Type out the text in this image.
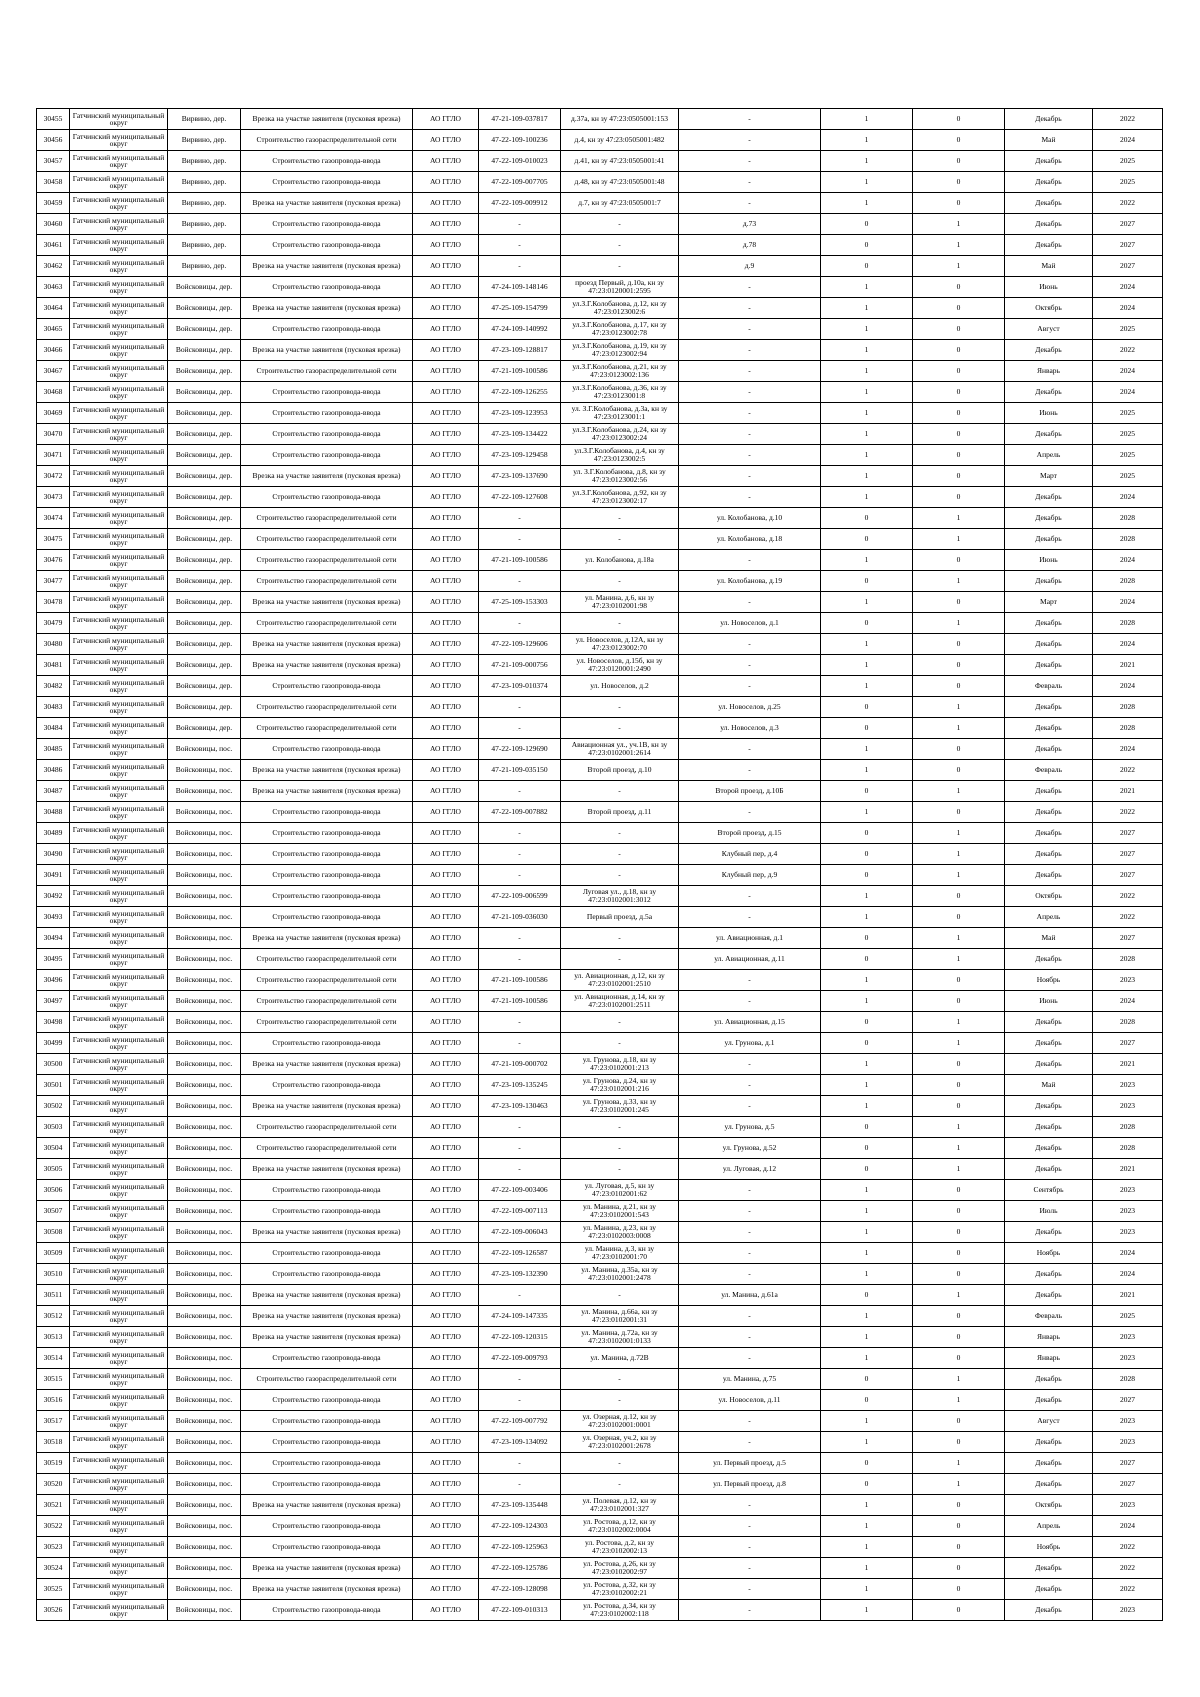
30455	Гатчинский муниципальный округ	Вирвино, дер.	Врезка на участке заявителя (пусковая врезка)	АО ГГЛО	47-21-109-037817	д.37а, кн зу 47:23:0505001:153	-	1	0	Декабрь	2022
30456	Гатчинский муниципальный округ	Вирвино, дер.	Строительство газораспределительной сети	АО ГГЛО	47-22-109-100236	д.4, кн зу 47:23:0505001:482	-	1	0	Май	2024
30457	Гатчинский муниципальный округ	Вирвино, дер.	Строительство газопровода-ввода	АО ГГЛО	47-22-109-010023	д.41, кн зу 47:23:0505001:41	-	1	0	Декабрь	2025
30458	Гатчинский муниципальный округ	Вирвино, дер.	Строительство газопровода-ввода	АО ГГЛО	47-22-109-007705	д.48, кн зу 47:23:0505001:48	-	1	0	Декабрь	2025
30459	Гатчинский муниципальный округ	Вирвино, дер.	Врезка на участке заявителя (пусковая врезка)	АО ГГЛО	47-22-109-009912	д.7, кн зу 47:23:0505001:7	-	1	0	Декабрь	2022
30460	Гатчинский муниципальный округ	Вирвино, дер.	Строительство газопровода-ввода	АО ГГЛО	-	-	д.73	0	1	Декабрь	2027
30461	Гатчинский муниципальный округ	Вирвино, дер.	Строительство газопровода-ввода	АО ГГЛО	-	-	д.78	0	1	Декабрь	2027
30462	Гатчинский муниципальный округ	Вирвино, дер.	Врезка на участке заявителя (пусковая врезка)	АО ГГЛО	-	-	д.9	0	1	Май	2027
30463	Гатчинский муниципальный округ	Войсковицы, дер.	Строительство газопровода-ввода	АО ГГЛО	47-24-109-148146	проезд Первый, д.10а, кн зу 47:23:0120001:2595	-	1	0	Июнь	2024
30464	Гатчинский муниципальный округ	Войсковицы, дер.	Врезка на участке заявителя (пусковая врезка)	АО ГГЛО	47-25-109-154799	ул.З.Г.Колобановa, д.12, кн зу 47:23:0123002:6	-	1	0	Октябрь	2024
30465	Гатчинский муниципальный округ	Войсковицы, дер.	Строительство газопровода-ввода	АО ГГЛО	47-24-109-140992	ул.З.Г.Колобановa, д.17, кн зу 47:23:0123002:78	-	1	0	Август	2025
30466	Гатчинский муниципальный округ	Войсковицы, дер.	Врезка на участке заявителя (пусковая врезка)	АО ГГЛО	47-23-109-128817	ул.З.Г.Колобановa, д.19, кн зу 47:23:0123002:94	-	1	0	Декабрь	2022
30467	Гатчинский муниципальный округ	Войсковицы, дер.	Строительство газораспределительной сети	АО ГГЛО	47-21-109-100586	ул.З.Г.Колобановa, д.21, кн зу 47:23:0123002:136	-	1	0	Январь	2024
30468	Гатчинский муниципальный округ	Войсковицы, дер.	Строительство газопровода-ввода	АО ГГЛО	47-22-109-126255	ул.З.Г.Колобановa, д.36, кн зу 47:23:0123001:8	-	1	0	Декабрь	2024
30469	Гатчинский муниципальный округ	Войсковицы, дер.	Строительство газопровода-ввода	АО ГГЛО	47-23-109-123953	ул. З.Г.Колобановa, д.3а, кн зу 47:23:0123001:1	-	1	0	Июнь	2025
30470	Гатчинский муниципальный округ	Войсковицы, дер.	Строительство газопровода-ввода	АО ГГЛО	47-23-109-134422	ул.З.Г.Колобановa, д.24, кн зу 47:23:0123002:24	-	1	0	Декабрь	2025
30471	Гатчинский муниципальный округ	Войсковицы, дер.	Строительство газопровода-ввода	АО ГГЛО	47-23-109-129458	ул.З.Г.Колобановa, д.4, кн зу 47:23:0123002:5	-	1	0	Апрель	2025
30472	Гатчинский муниципальный округ	Войсковицы, дер.	Врезка на участке заявителя (пусковая врезка)	АО ГГЛО	47-23-109-137690	ул. З.Г.Колобановa, д.8, кн зу 47:23:0123002:56	-	1	0	Март	2025
30473	Гатчинский муниципальный округ	Войсковицы, дер.	Строительство газопровода-ввода	АО ГГЛО	47-22-109-127608	ул.З.Г.Колобановa, д.92, кн зу 47:23:0123002:17	-	1	0	Декабрь	2024
30474	Гатчинский муниципальный округ	Войсковицы, дер.	Строительство газораспределительной сети	АО ГГЛО	-	-	ул. Колобанова, д.10	0	1	Декабрь	2028
30475	Гатчинский муниципальный округ	Войсковицы, дер.	Строительство газораспределительной сети	АО ГГЛО	-	-	ул. Колобанова, д.18	0	1	Декабрь	2028
30476	Гатчинский муниципальный округ	Войсковицы, дер.	Строительство газораспределительной сети	АО ГГЛО	47-21-109-100586	ул. Колобанова, д.18а	-	1	0	Июнь	2024
30477	Гатчинский муниципальный округ	Войсковицы, дер.	Строительство газораспределительной сети	АО ГГЛО	-	-	ул. Колобанова, д.19	0	1	Декабрь	2028
30478	Гатчинский муниципальный округ	Войсковицы, дер.	Врезка на участке заявителя (пусковая врезка)	АО ГГЛО	47-25-109-153303	ул. Манина, д.6, кн зу 47:23:0102001:98	-	1	0	Март	2024
30479	Гатчинский муниципальный округ	Войсковицы, дер.	Строительство газораспределительной сети	АО ГГЛО	-	-	ул. Новоселов, д.1	0	1	Декабрь	2028
30480	Гатчинский муниципальный округ	Войсковицы, дер.	Врезка на участке заявителя (пусковая врезка)	АО ГГЛО	47-22-109-129606	ул. Новоселов, д.12А, кн зу 47:23:0123002:70	-	1	0	Декабрь	2024
30481	Гатчинский муниципальный округ	Войсковицы, дер.	Врезка на участке заявителя (пусковая врезка)	АО ГГЛО	47-21-109-000756	ул. Новоселов, д.15б, кн зу 47:23:0120001:2490	-	1	0	Декабрь	2021
30482	Гатчинский муниципальный округ	Войсковицы, дер.	Строительство газопровода-ввода	АО ГГЛО	47-23-109-010374	ул. Новоселов, д.2	-	1	0	Февраль	2024
30483	Гатчинский муниципальный округ	Войсковицы, дер.	Строительство газораспределительной сети	АО ГГЛО	-	-	ул. Новоселов, д.25	0	1	Декабрь	2028
30484	Гатчинский муниципальный округ	Войсковицы, дер.	Строительство газораспределительной сети	АО ГГЛО	-	-	ул. Новоселов, д.3	0	1	Декабрь	2028
30485	Гатчинский муниципальный округ	Войсковицы, пос.	Строительство газопровода-ввода	АО ГГЛО	47-22-109-129690	Авиационная ул., уч.1В, кн зу 47:23:0102001:2614	-	1	0	Декабрь	2024
30486	Гатчинский муниципальный округ	Войсковицы, пос.	Врезка на участке заявителя (пусковая врезка)	АО ГГЛО	47-21-109-035150	Второй проезд, д.10	-	1	0	Февраль	2022
30487	Гатчинский муниципальный округ	Войсковицы, пос.	Врезка на участке заявителя (пусковая врезка)	АО ГГЛО	-	-	Второй проезд, д.10Б	0	1	Декабрь	2021
30488	Гатчинский муниципальный округ	Войсковицы, пос.	Строительство газопровода-ввода	АО ГГЛО	47-22-109-007882	Второй проезд, д.11	-	1	0	Декабрь	2022
30489	Гатчинский муниципальный округ	Войсковицы, пос.	Строительство газопровода-ввода	АО ГГЛО	-	-	Второй проезд, д.15	0	1	Декабрь	2027
30490	Гатчинский муниципальный округ	Войсковицы, пос.	Строительство газопровода-ввода	АО ГГЛО	-	-	Клубный пер, д.4	0	1	Декабрь	2027
30491	Гатчинский муниципальный округ	Войсковицы, пос.	Строительство газопровода-ввода	АО ГГЛО	-	-	Клубный пер, д.9	0	1	Декабрь	2027
30492	Гатчинский муниципальный округ	Войсковицы, пос.	Строительство газопровода-ввода	АО ГГЛО	47-22-109-006599	Луговая ул., д.18, кн зу 47:23:0102001:3012	-	1	0	Октябрь	2022
30493	Гатчинский муниципальный округ	Войсковицы, пос.	Строительство газопровода-ввода	АО ГГЛО	47-21-109-036030	Первый проезд, д.5а	-	1	0	Апрель	2022
30494	Гатчинский муниципальный округ	Войсковицы, пос.	Врезка на участке заявителя (пусковая врезка)	АО ГГЛО	-	-	ул. Авиационная, д.1	0	1	Май	2027
30495	Гатчинский муниципальный округ	Войсковицы, пос.	Строительство газораспределительной сети	АО ГГЛО	-	-	ул. Авиационная, д.11	0	1	Декабрь	2028
30496	Гатчинский муниципальный округ	Войсковицы, пос.	Строительство газораспределительной сети	АО ГГЛО	47-21-109-100586	ул. Авиационная, д.12, кн зу 47:23:0102001:2510	-	1	0	Ноябрь	2023
30497	Гатчинский муниципальный округ	Войсковицы, пос.	Строительство газораспределительной сети	АО ГГЛО	47-21-109-100586	ул. Авиационная, д.14, кн зу 47:23:0102001:2511	-	1	0	Июнь	2024
30498	Гатчинский муниципальный округ	Войсковицы, пос.	Строительство газораспределительной сети	АО ГГЛО	-	-	ул. Авиационная, д.15	0	1	Декабрь	2028
30499	Гатчинский муниципальный округ	Войсковицы, пос.	Строительство газопровода-ввода	АО ГГЛО	-	-	ул. Грунова, д.1	0	1	Декабрь	2027
30500	Гатчинский муниципальный округ	Войсковицы, пос.	Врезка на участке заявителя (пусковая врезка)	АО ГГЛО	47-21-109-000702	ул. Грунова, д.18, кн зу 47:23:0102001:213	-	1	0	Декабрь	2021
30501	Гатчинский муниципальный округ	Войсковицы, пос.	Строительство газопровода-ввода	АО ГГЛО	47-23-109-135245	ул. Грунова, д.24, кн зу 47:23:0102001:216	-	1	0	Май	2023
30502	Гатчинский муниципальный округ	Войсковицы, пос.	Врезка на участке заявителя (пусковая врезка)	АО ГГЛО	47-23-109-130463	ул. Грунова, д.33, кн зу 47:23:0102001:245	-	1	0	Декабрь	2023
30503	Гатчинский муниципальный округ	Войсковицы, пос.	Строительство газораспределительной сети	АО ГГЛО	-	-	ул. Грунова, д.5	0	1	Декабрь	2028
30504	Гатчинский муниципальный округ	Войсковицы, пос.	Строительство газораспределительной сети	АО ГГЛО	-	-	ул. Грунова, д.52	0	1	Декабрь	2028
30505	Гатчинский муниципальный округ	Войсковицы, пос.	Врезка на участке заявителя (пусковая врезка)	АО ГГЛО	-	-	ул. Луговая, д.12	0	1	Декабрь	2021
30506	Гатчинский муниципальный округ	Войсковицы, пос.	Строительство газопровода-ввода	АО ГГЛО	47-22-109-003406	ул. Луговая, д.5, кн зу 47:23:0102001:62	-	1	0	Сентябрь	2023
30507	Гатчинский муниципальный округ	Войсковицы, пос.	Строительство газопровода-ввода	АО ГГЛО	47-22-109-007113	ул. Манина, д.21, кн зу 47:23:0102001:543	-	1	0	Июль	2023
30508	Гатчинский муниципальный округ	Войсковицы, пос.	Врезка на участке заявителя (пусковая врезка)	АО ГГЛО	47-22-109-006043	ул. Манина, д.23, кн зу 47:23:0102003:0008	-	1	0	Декабрь	2023
30509	Гатчинский муниципальный округ	Войсковицы, пос.	Строительство газопровода-ввода	АО ГГЛО	47-22-109-126587	ул. Манина, д.3, кн зу 47:23:0102001:70	-	1	0	Ноябрь	2024
30510	Гатчинский муниципальный округ	Войсковицы, пос.	Строительство газопровода-ввода	АО ГГЛО	47-23-109-132390	ул. Манина, д.35а, кн зу 47:23:0102001:2478	-	1	0	Декабрь	2024
30511	Гатчинский муниципальный округ	Войсковицы, пос.	Врезка на участке заявителя (пусковая врезка)	АО ГГЛО	-	-	ул. Манина, д.61а	0	1	Декабрь	2021
30512	Гатчинский муниципальный округ	Войсковицы, пос.	Врезка на участке заявителя (пусковая врезка)	АО ГГЛО	47-24-109-147335	ул. Манина, д.66а, кн зу 47:23:0102001:31	-	1	0	Февраль	2025
30513	Гатчинский муниципальный округ	Войсковицы, пос.	Врезка на участке заявителя (пусковая врезка)	АО ГГЛО	47-22-109-120315	ул. Манина, д.72а, кн зу 47:23:0102001:0133	-	1	0	Январь	2023
30514	Гатчинский муниципальный округ	Войсковицы, пос.	Строительство газопровода-ввода	АО ГГЛО	47-22-109-009793	ул. Манина, д.72В	-	1	0	Январь	2023
30515	Гатчинский муниципальный округ	Войсковицы, пос.	Строительство газораспределительной сети	АО ГГЛО	-	-	ул. Манина, д.75	0	1	Декабрь	2028
30516	Гатчинский муниципальный округ	Войсковицы, пос.	Строительство газопровода-ввода	АО ГГЛО	-	-	ул. Новоселов, д.11	0	1	Декабрь	2027
30517	Гатчинский муниципальный округ	Войсковицы, пос.	Строительство газопровода-ввода	АО ГГЛО	47-22-109-007792	ул. Озерная, д.12, кн зу 47:23:0102001:0001	-	1	0	Август	2023
30518	Гатчинский муниципальный округ	Войсковицы, пос.	Строительство газопровода-ввода	АО ГГЛО	47-23-109-134092	ул. Озерная, уч.2, кн зу 47:23:0102001:2678	-	1	0	Декабрь	2023
30519	Гатчинский муниципальный округ	Войсковицы, пос.	Строительство газопровода-ввода	АО ГГЛО	-	-	ул. Первый проезд, д.5	0	1	Декабрь	2027
30520	Гатчинский муниципальный округ	Войсковицы, пос.	Строительство газопровода-ввода	АО ГГЛО	-	-	ул. Первый проезд, д.8	0	1	Декабрь	2027
30521	Гатчинский муниципальный округ	Войсковицы, пос.	Врезка на участке заявителя (пусковая врезка)	АО ГГЛО	47-23-109-135448	ул. Полевая, д.12, кн зу 47:23:0102001:327	-	1	0	Октябрь	2023
30522	Гатчинский муниципальный округ	Войсковицы, пос.	Строительство газопровода-ввода	АО ГГЛО	47-22-109-124303	ул. Ростова, д.12, кн зу 47:23:0102002:0004	-	1	0	Апрель	2024
30523	Гатчинский муниципальный округ	Войсковицы, пос.	Строительство газопровода-ввода	АО ГГЛО	47-22-109-125963	ул. Ростова, д.2, кн зу 47:23:0102002:13	-	1	0	Ноябрь	2022
30524	Гатчинский муниципальный округ	Войсковицы, пос.	Врезка на участке заявителя (пусковая врезка)	АО ГГЛО	47-22-109-125786	ул. Ростова, д.26, кн зу 47:23:0102002:97	-	1	0	Декабрь	2022
30525	Гатчинский муниципальный округ	Войсковицы, пос.	Врезка на участке заявителя (пусковая врезка)	АО ГГЛО	47-22-109-128098	ул. Ростова, д.32, кн зу 47:23:0102002:21	-	1	0	Декабрь	2022
30526	Гатчинский муниципальный округ	Войсковицы, пос.	Строительство газопровода-ввода	АО ГГЛО	47-22-109-010313	ул. Ростова, д.34, кн зу 47:23:0102002:118	-	1	0	Декабрь	2023
